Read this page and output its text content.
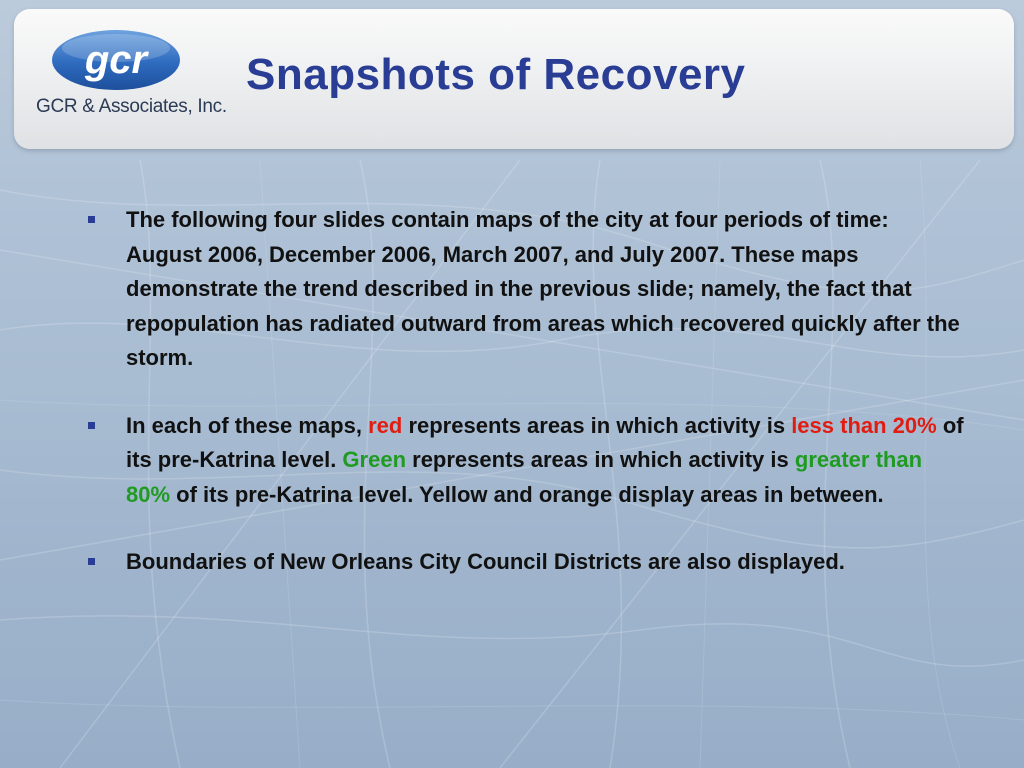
gcr
GCR & Associates, Inc.
Snapshots of Recovery
The following four slides contain maps of the city at four periods of time: August 2006, December 2006, March 2007, and July 2007. These maps demonstrate the trend described in the previous slide; namely, the fact that repopulation has radiated outward from areas which recovered quickly after the storm.
In each of these maps, red represents areas in which activity is less than 20% of its pre-Katrina level. Green represents areas in which activity is greater than 80% of its pre-Katrina level. Yellow and orange display areas in between.
Boundaries of New Orleans City Council Districts are also displayed.
